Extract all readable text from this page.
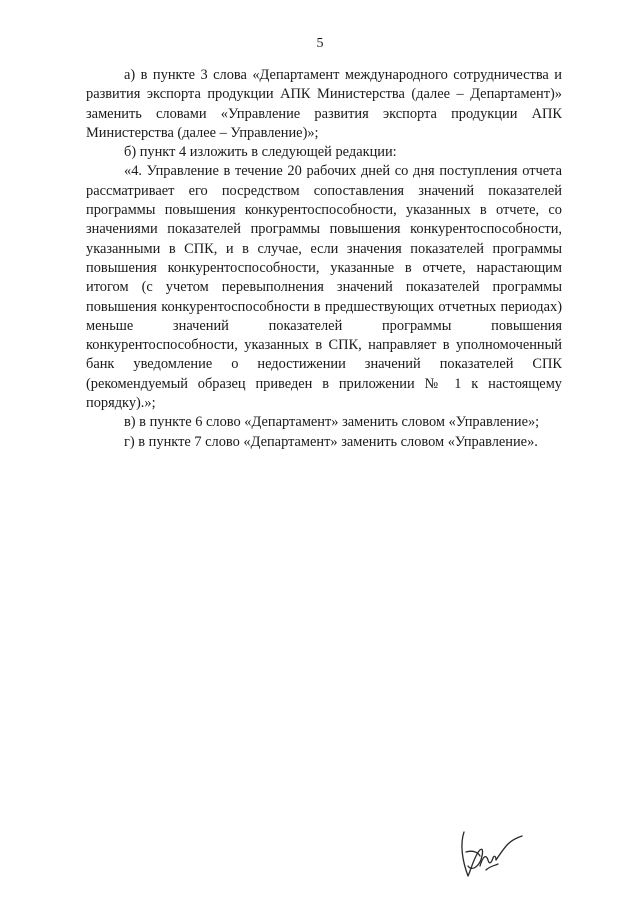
5

а) в пункте 3 слова «Департамент международного сотрудничества и развития экспорта продукции АПК Министерства (далее – Департамент)» заменить словами «Управление развития экспорта продукции АПК Министерства (далее – Управление)»;

б) пункт 4 изложить в следующей редакции:

«4. Управление в течение 20 рабочих дней со дня поступления отчета рассматривает его посредством сопоставления значений показателей программы повышения конкурентоспособности, указанных в отчете, со значениями показателей программы повышения конкурентоспособности, указанными в СПК, и в случае, если значения показателей программы повышения конкурентоспособности, указанные в отчете, нарастающим итогом (с учетом перевыполнения значений показателей программы повышения конкурентоспособности в предшествующих отчетных периодах) меньше значений показателей программы повышения конкурентоспособности, указанных в СПК, направляет в уполномоченный банк уведомление о недостижении значений показателей СПК (рекомендуемый образец приведен в приложении № 1 к настоящему порядку).»;

в) в пункте 6 слово «Департамент» заменить словом «Управление»;

г) в пункте 7 слово «Департамент» заменить словом «Управление».
